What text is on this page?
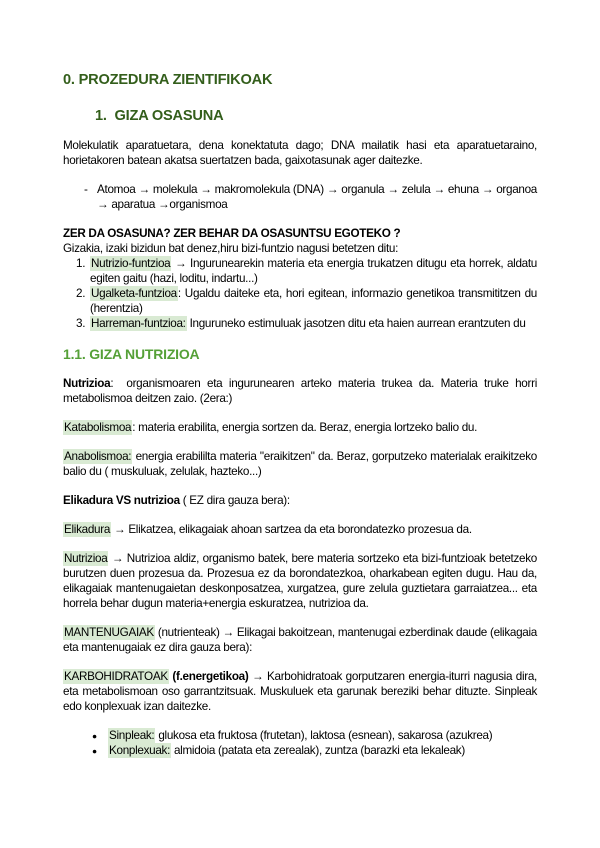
0. PROZEDURA ZIENTIFIKOAK
1.  GIZA OSASUNA
Molekulatik aparatuetara, dena konektatuta dago; DNA mailatik hasi eta aparatuetaraino, horietakoren batean akatsa suertatzen bada, gaixotasunak ager daitezke.
- Atomoa → molekula → makromolekula (DNA) → organula → zelula → ehuna → organoa → aparatua →organismoa
ZER DA OSASUNA? ZER BEHAR DA OSASUNTSU EGOTEKO ?
Gizakia, izaki bizidun bat denez,hiru bizi-funtzio nagusi betetzen ditu:
1. Nutrizio-funtzioa → Ingurunearekin materia eta energia trukatzen ditugu eta horrek, aldatu egiten gaitu (hazi, loditu, indartu...)
2. Ugalketa-funtzioa: Ugaldu daiteke eta, hori egitean, informazio genetikoa transmititzen du (herentzia)
3. Harreman-funtzioa: Inguruneko estimuluak jasotzen ditu eta haien aurrean erantzuten du
1.1. GIZA NUTRIZIOA
Nutrizioa:  organismoaren eta ingurunearen arteko materia trukea da. Materia truke horri metabolismoa deitzen zaio. (2era:)
Katabolismoa: materia erabilita, energia sortzen da. Beraz, energia lortzeko balio du.
Anabolismoa: energia erabililta materia "eraikitzen" da. Beraz, gorputzeko materialak eraikitzeko balio du ( muskuluak, zelulak, hazteko...)
Elikadura VS nutrizioa ( EZ dira gauza bera):
Elikadura → Elikatzea, elikagaiak ahoan sartzea da eta borondatezko prozesua da.
Nutrizioa → Nutrizioa aldiz, organismo batek, bere materia sortzeko eta bizi-funtzioak betetzeko burutzen duen prozesua da. Prozesua ez da borondatezkoa, oharkabean egiten dugu. Hau da, elikagaiak mantenugaietan deskonposatzea, xurgatzea, gure zelula guztietara garraiatzea... eta horrela behar dugun materia+energia eskuratzea, nutrizioa da.
MANTENUGAIAK (nutrienteak) → Elikagai bakoitzean, mantenugai ezberdinak daude (elikagaia eta mantenugaiak ez dira gauza bera):
KARBOHIDRATOAK (f.energetikoa) → Karbohidratoak gorputzaren energia-iturri nagusia dira, eta metabolismoan oso garrantzitsuak. Muskuluek eta garunak bereziki behar dituzte. Sinpleak edo konplexuak izan daitezke.
● Sinpleak: glukosa eta fruktosa (frutetan), laktosa (esnean), sakarosa (azukrea)
● Konplexuak: almidoia (patata eta zerealak), zuntza (barazki eta lekaleak)
